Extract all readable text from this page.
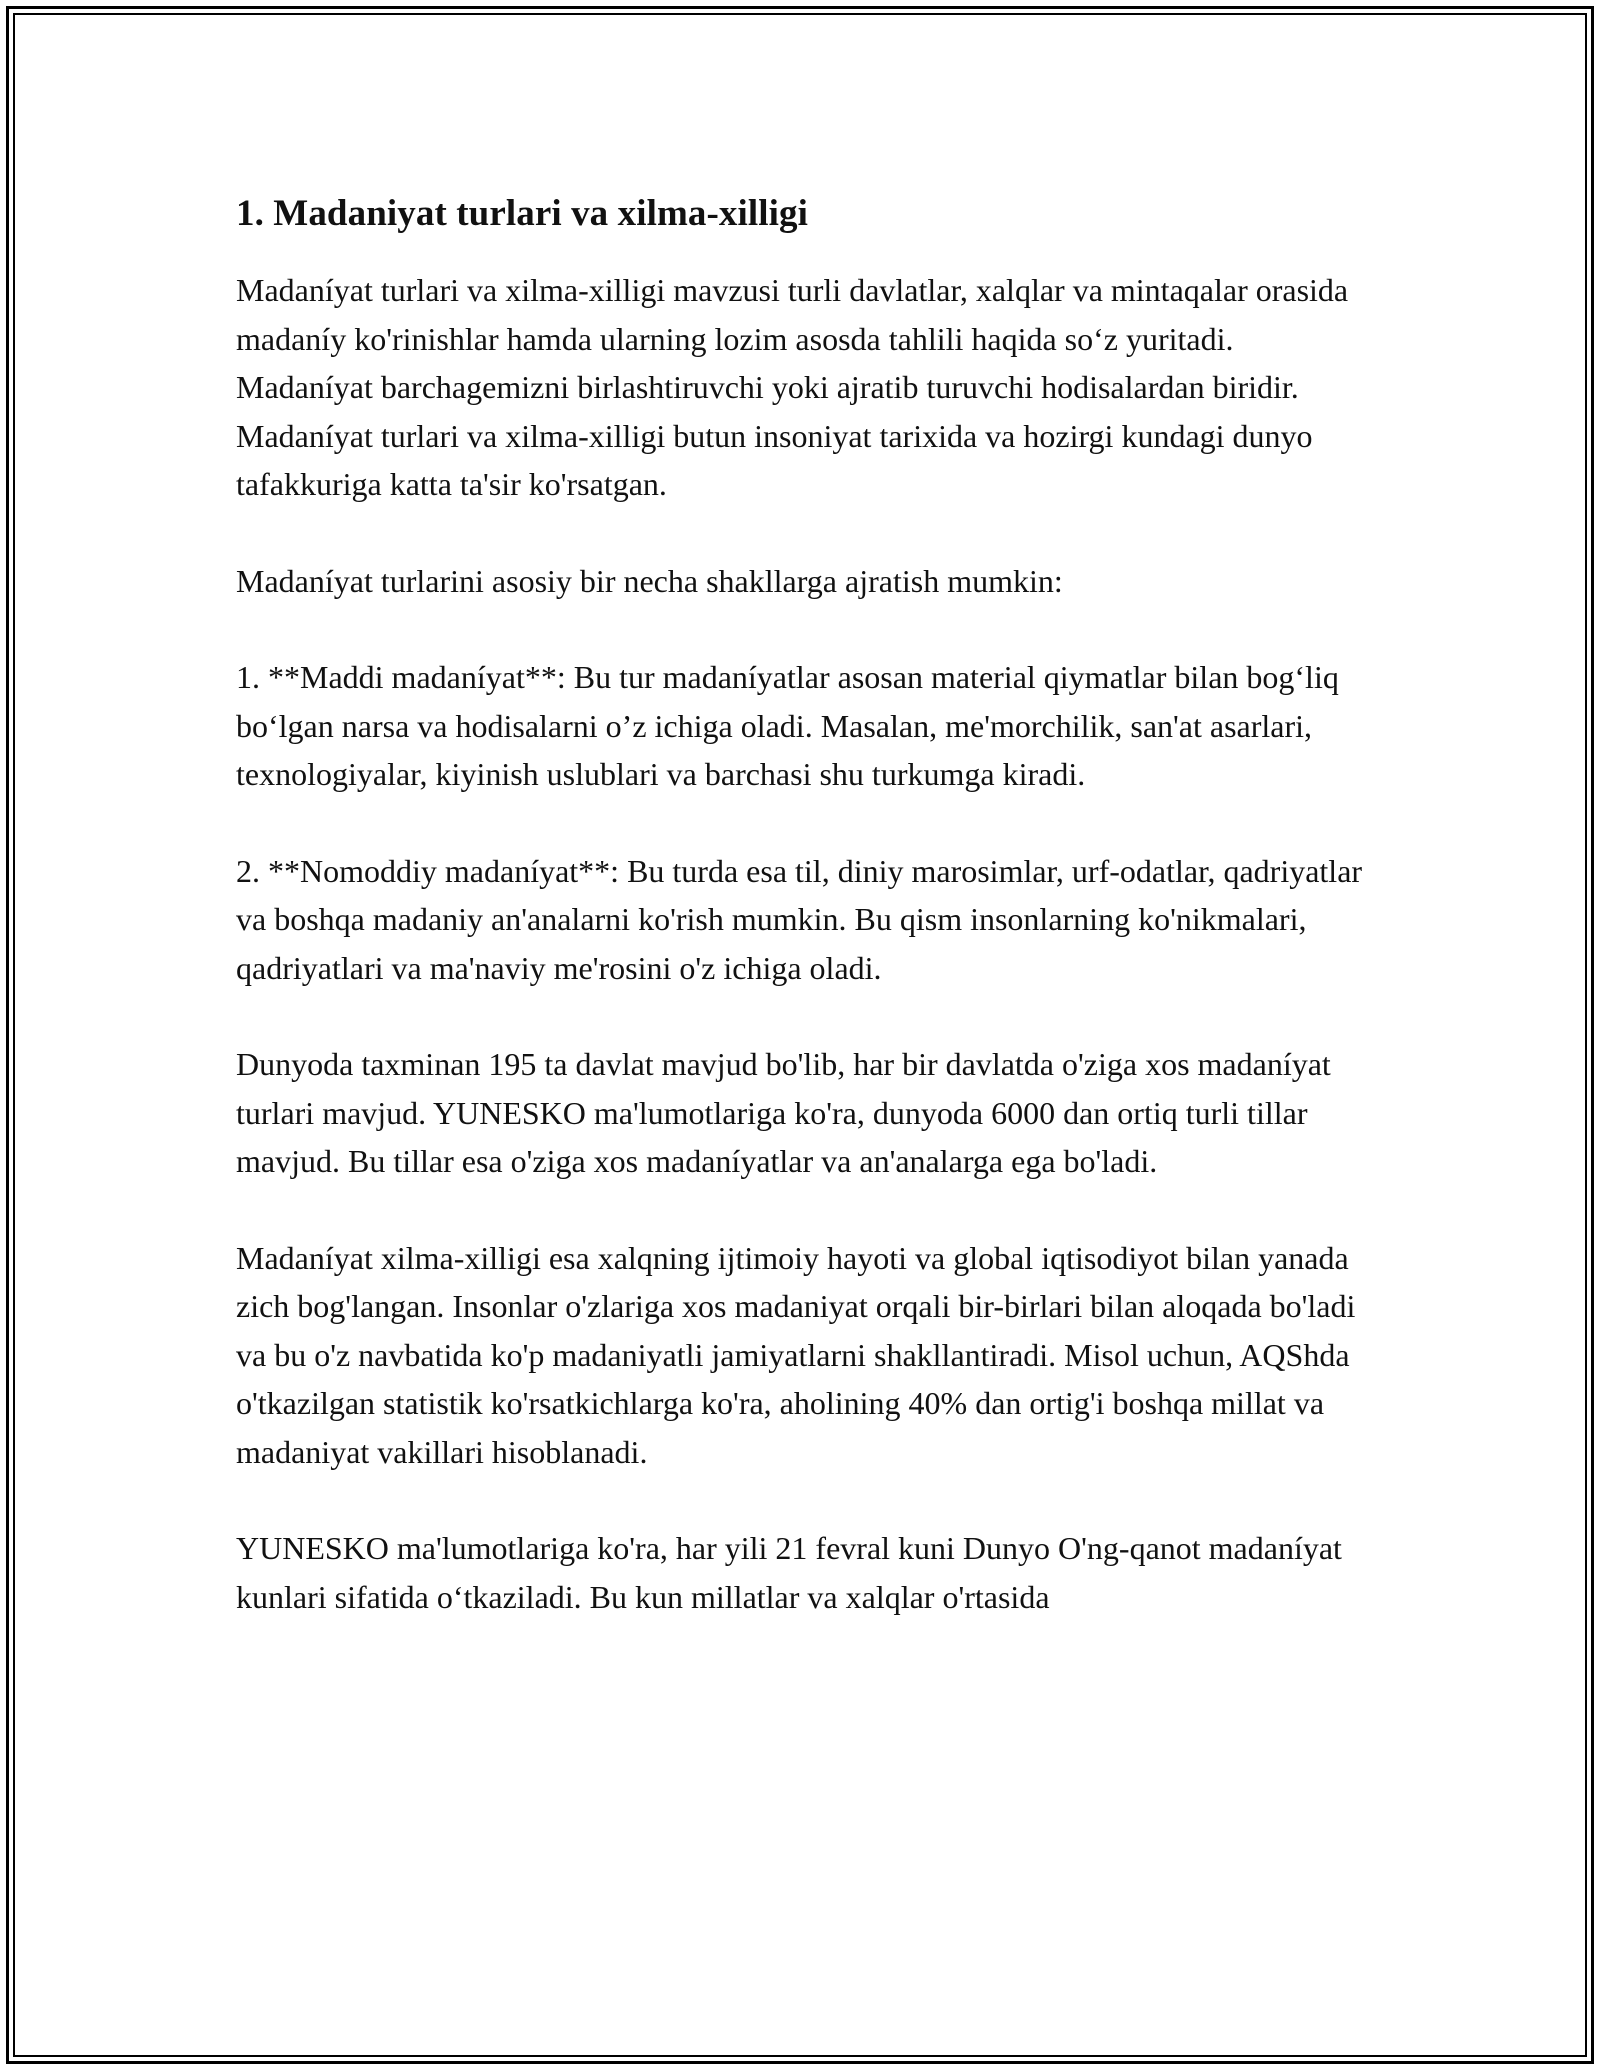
1. Madaniyat turlari va xilma-xilligi

Madaníyat turlari va xilma-xilligi mavzusi turli davlatlar, xalqlar va mintaqalar orasida madaníy ko'rinishlar hamda ularning lozim asosda tahlili haqida so‘z yuritadi. Madaníyat barchagemizni birlashtiruvchi yoki ajratib turuvchi hodisalardan biridir. Madaníyat turlari va xilma-xilligi butun insoniyat tarixida va hozirgi kundagi dunyo tafakkuriga katta ta'sir ko'rsatgan.

Madaníyat turlarini asosiy bir necha shakllarga ajratish mumkin:

1. **Maddi madaníyat**: Bu tur madaníyatlar asosan material qiymatlar bilan bog‘liq bo‘lgan narsa va hodisalarni o’z ichiga oladi. Masalan, me'morchilik, san'at asarlari, texnologiyalar, kiyinish uslublari va barchasi shu turkumga kiradi.

2. **Nomoddiy madaníyat**: Bu turda esa til, diniy marosimlar, urf-odatlar, qadriyatlar va boshqa madaniy an'analarni ko'rish mumkin. Bu qism insonlarning ko'nikmalari, qadriyatlari va ma'naviy me'rosini o'z ichiga oladi.

Dunyoda taxminan 195 ta davlat mavjud bo'lib, har bir davlatda o'ziga xos madaníyat turlari mavjud. YUNESKO ma'lumotlariga ko'ra, dunyoda 6000 dan ortiq turli tillar mavjud. Bu tillar esa o'ziga xos madaníyatlar va an'analarga ega bo'ladi.

Madaníyat xilma-xilligi esa xalqning ijtimoiy hayoti va global iqtisodiyot bilan yanada zich bog'langan. Insonlar o'zlariga xos madaniyat orqali bir-birlari bilan aloqada bo'ladi va bu o'z navbatida ko'p madaniyatli jamiyatlarni shakllantiradi. Misol uchun, AQShda o'tkazilgan statistik ko'rsatkichlarga ko'ra, aholining 40% dan ortig'i boshqa millat va madaniyat vakillari hisoblanadi.

YUNESKO ma'lumotlariga ko'ra, har yili 21 fevral kuni Dunyo O'ng-qanot madaníyat kunlari sifatida o‘tkaziladi. Bu kun millatlar va xalqlar o'rtasida
